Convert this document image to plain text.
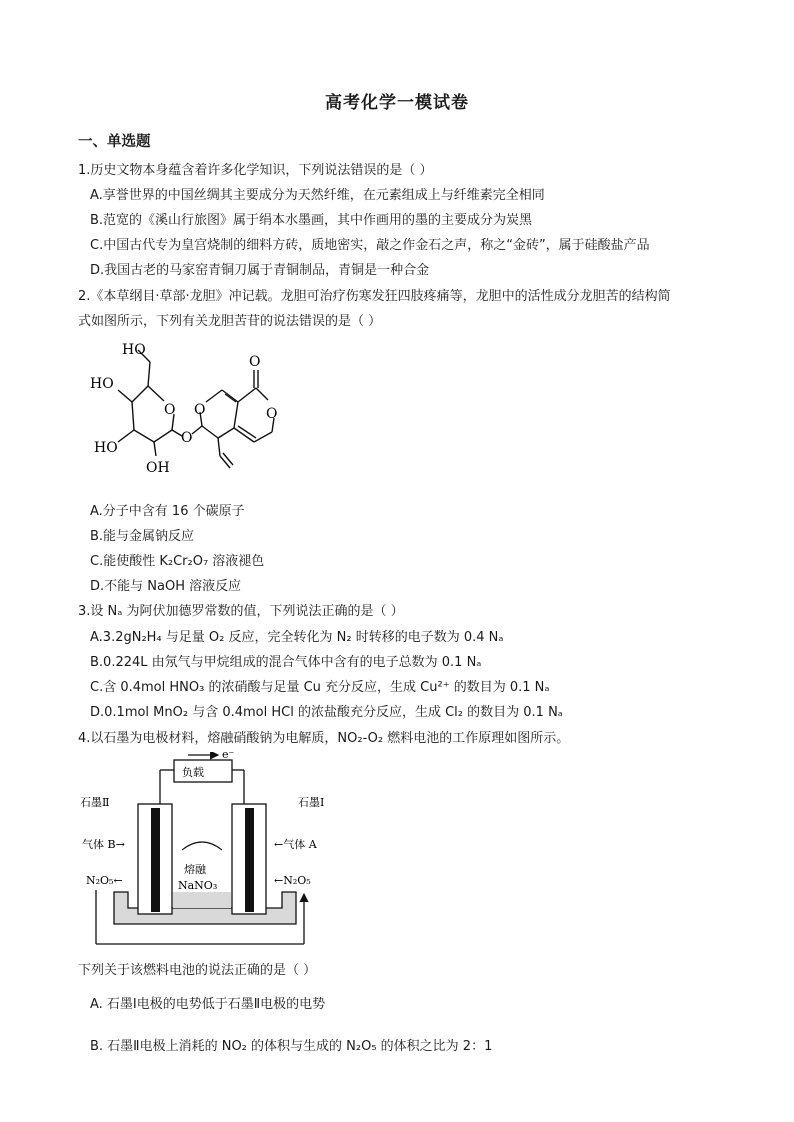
高考化学一模试卷
一、单选题
1.历史文物本身蕴含着许多化学知识，下列说法错误的是（ ）
A.享誉世界的中国丝绸其主要成分为天然纤维，在元素组成上与纤维素完全相同
B.范宽的《溪山行旅图》属于绢本水墨画，其中作画用的墨的主要成分为炭黑
C.中国古代专为皇宫烧制的细料方砖，质地密实，敲之作金石之声，称之“金砖”，属于硅酸盐产品
D.我国古老的马家窑青铜刀属于青铜制品，青铜是一种合金
2.《本草纲目·草部·龙胆》冲记载。龙胆可治疗伤寒发狂四肢疼痛等，龙胆中的活性成分龙胆苦的结构简
式如图所示，下列有关龙胆苦苷的说法错误的是（ ）
HO
HO
HO
OH
O
O
O	O
O
A.分子中含有 16 个碳原子
B.能与金属钠反应
C.能使酸性 K₂Cr₂O₇ 溶液褪色
D.不能与 NaOH 溶液反应
3.设 Nₐ 为阿伏加德罗常数的值，下列说法正确的是（ ）
A.3.2gN₂H₄ 与足量 O₂ 反应，完全转化为 N₂ 时转移的电子数为 0.4 Nₐ
B.0.224L 由氖气与甲烷组成的混合气体中含有的电子总数为 0.1 Nₐ
C.含 0.4mol HNO₃ 的浓硝酸与足量 Cu 充分反应，生成 Cu²⁺ 的数目为 0.1 Nₐ
D.0.1mol MnO₂ 与含 0.4mol HCl 的浓盐酸充分反应，生成 Cl₂ 的数目为 0.1 Nₐ
4.以石墨为电极材料，熔融硝酸钠为电解质，NO₂-O₂ 燃料电池的工作原理如图所示。
e⁻
负载
熔融
NaNO₃
石墨Ⅱ	石墨Ⅰ
气体 B→	←气体 A
N₂O₅←	←N₂O₅
下列关于该燃料电池的说法正确的是（ ）
A. 石墨Ⅰ电极的电势低于石墨Ⅱ电极的电势
B. 石墨Ⅱ电极上消耗的 NO₂ 的体积与生成的 N₂O₅ 的体积之比为 2：1
